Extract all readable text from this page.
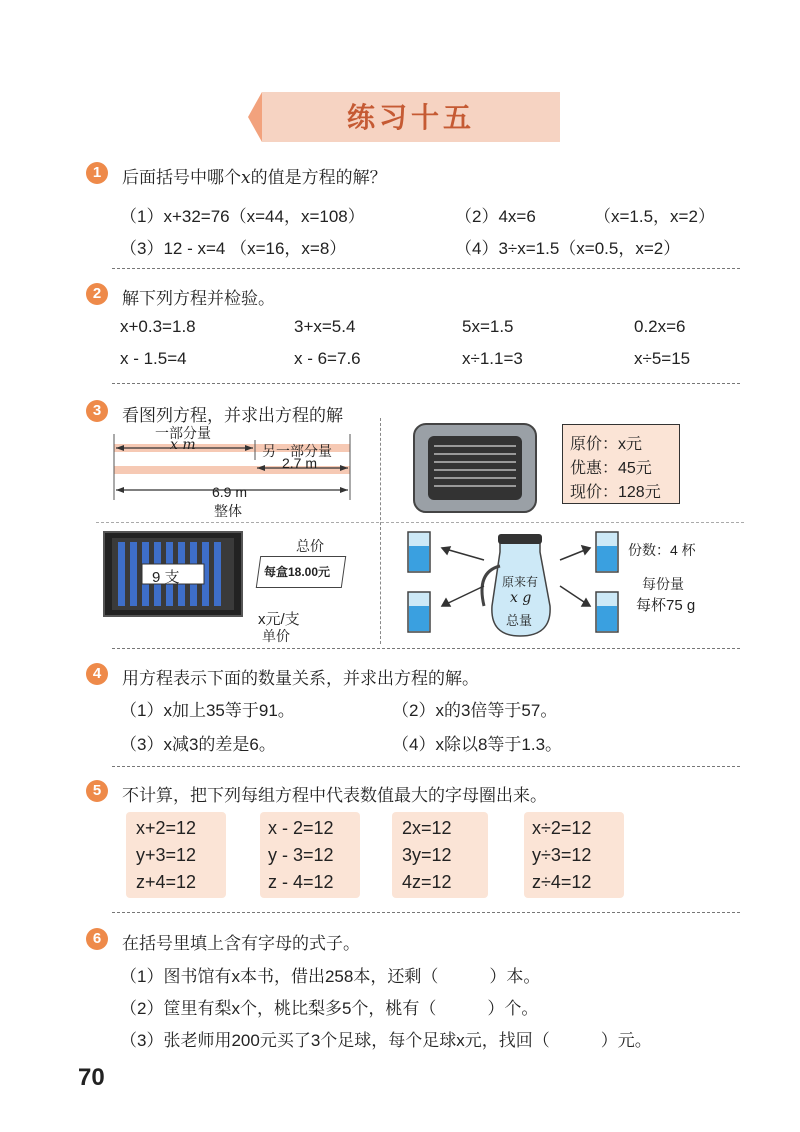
练习十五
1	后面括号中哪个x的值是方程的解？
（1）x+32=76（x=44，x=108）	（2）4x=6	（x=1.5，x=2）
（3）12 - x=4 （x=16，x=8）	（4）3÷x=1.5（x=0.5，x=2）
2	解下列方程并检验。
x+0.3=1.8	3+x=5.4	5x=1.5	0.2x=6
x - 1.5=4	x - 6=7.6	x÷1.1=3	x÷5=15
3	看图列方程，并求出方程的解
一部分量
x m	另一部分量
2.7 m
6.9 m
整体
原价：x元
优惠：45元
现价：128元
9 支
总价
每盒18.00元
x元/支
单价
原来有
x g
总量
份数：4 杯
每份量
每杯75 g
4	用方程表示下面的数量关系，并求出方程的解。
（1）x加上35等于91。	（2）x的3倍等于57。
（3）x减3的差是6。	（4）x除以8等于1.3。
5	不计算，把下列每组方程中代表数值最大的字母圈出来。
x+2=12
y+3=12
z+4=12
x - 2=12
y - 3=12
z - 4=12
2x=12
3y=12
4z=12
x÷2=12
y÷3=12
z÷4=12
6	在括号里填上含有字母的式子。
（1）图书馆有x本书，借出258本，还剩（　　　）本。
（2）筐里有梨x个，桃比梨多5个，桃有（　　　）个。
（3）张老师用200元买了3个足球，每个足球x元，找回（　　　）元。
70
